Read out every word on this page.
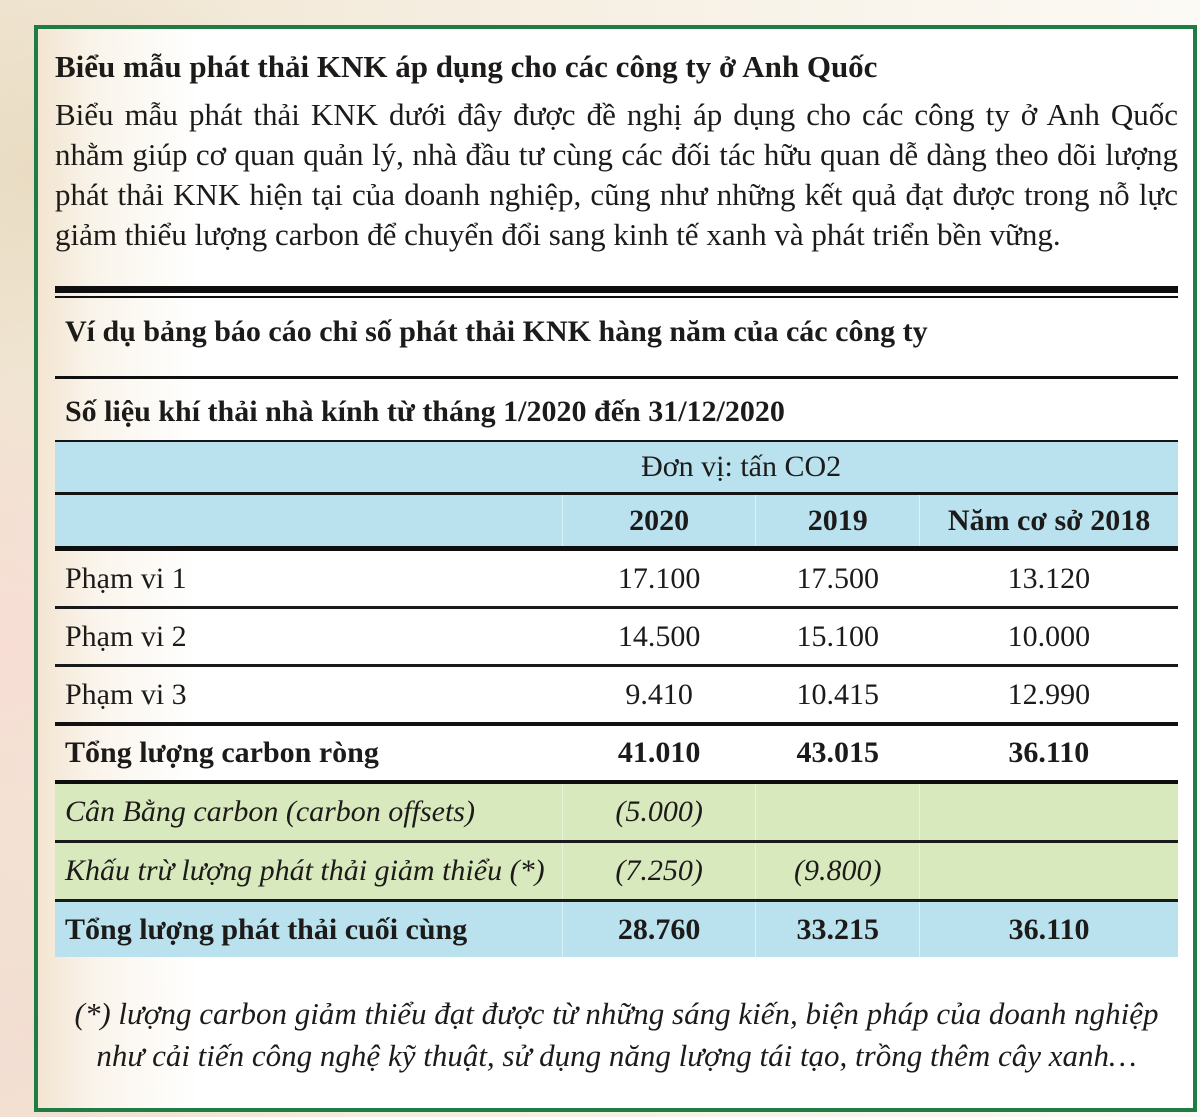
Biểu mẫu phát thải KNK áp dụng cho các công ty ở Anh Quốc

Biểu mẫu phát thải KNK dưới đây được đề nghị áp dụng cho các công ty ở Anh Quốc nhằm giúp cơ quan quản lý, nhà đầu tư cùng các đối tác hữu quan dễ dàng theo dõi lượng phát thải KNK hiện tại của doanh nghiệp, cũng như những kết quả đạt được trong nỗ lực giảm thiểu lượng carbon để chuyển đổi sang kinh tế xanh và phát triển bền vững.

Ví dụ bảng báo cáo chỉ số phát thải KNK hàng năm của các công ty
Số liệu khí thải nhà kính từ tháng 1/2020 đến 31/12/2020
	Đơn vị: tấn CO2		
	2020	2019	Năm cơ sở 2018
Phạm vi 1	17.100	17.500	13.120
Phạm vi 2	14.500	15.100	10.000
Phạm vi 3	9.410	10.415	12.990
Tổng lượng carbon ròng	41.010	43.015	36.110
Cân Bằng carbon (carbon offsets)	(5.000)		
Khấu trừ lượng phát thải giảm thiểu (*)	(7.250)	(9.800)	
Tổng lượng phát thải cuối cùng	28.760	33.215	36.110
(*) lượng carbon giảm thiểu đạt được từ những sáng kiến, biện pháp của doanh nghiệp
như cải tiến công nghệ kỹ thuật, sử dụng năng lượng tái tạo, trồng thêm cây xanh…
